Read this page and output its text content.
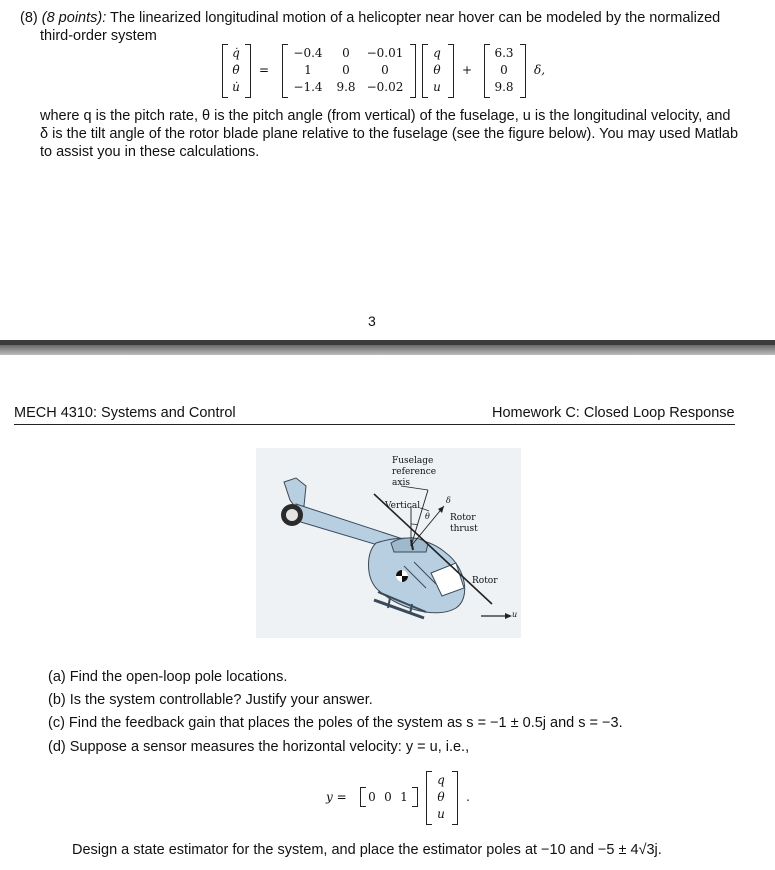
(8) (8 points): The linearized longitudinal motion of a helicopter near hover can be modeled by the normalized

third-order system

q̇
θ̇
u̇
=
−0.4	0	−0.01
1	0	0
−1.4	9.8 −0.02
q
θ
u
+
6.3
0
9.8
δ,

where q is the pitch rate, θ is the pitch angle (from vertical) of the fuselage, u is the longitudinal velocity, and

δ is the tilt angle of the rotor blade plane relative to the fuselage (see the figure below). You may used Matlab

to assist you in these calculations.

3
MECH 4310: Systems and Control	Homework C: Closed Loop Response
Fuselage
reference
axis
Vertical
θ
δ
Rotor
thrust
Rotor
u

(a) Find the open-loop pole locations.

(b) Is the system controllable? Justify your answer.

(c) Find the feedback gain that places the poles of the system as s = −1 ± 0.5j and s = −3.

(d) Suppose a sensor measures the horizontal velocity: y = u, i.e.,

y =	0 0 1
q
θ
u
.

Design a state estimator for the system, and place the estimator poles at −10 and −5 ± 4√3j.
